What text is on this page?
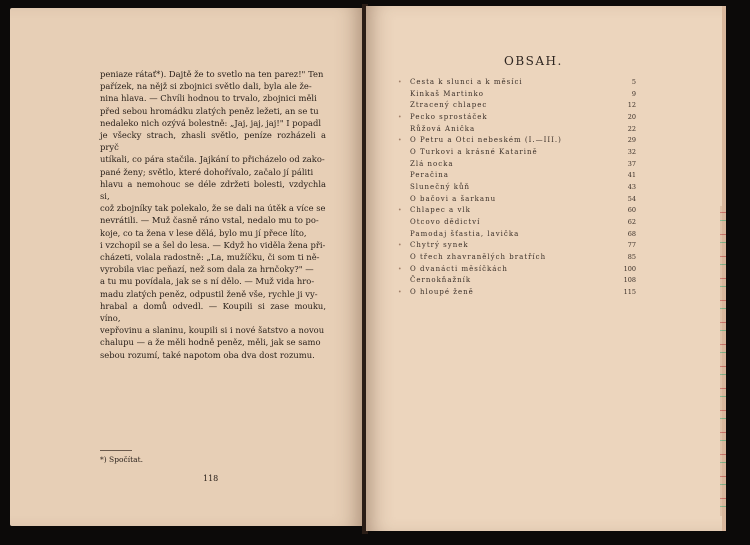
peniaze rátať*). Dajtě že to svetlo na ten parez!" Ten

pařízek, na nějž si zbojnici světlo dali, byla ale že-

nina hlava. — Chvíli hodnou to trvalo, zbojnici měli

před sebou hromádku zlatých peněz ležeti, an se tu

nedaleko nich ozývá bolestně: „Jaj, jaj, jaj!" I popadl

je všecky strach, zhasli světlo, peníze rozházeli a pryč

utíkali, co pára stačila. Jajkání to přicházelo od zako-

pané ženy; světlo, které dohořívalo, začalo jí páliti

hlavu a nemohouc se déle zdržeti bolesti, vzdychla si,

což zbojníky tak polekalo, že se dali na útěk a více se

nevrátili. — Muž časně ráno vstal, nedalo mu to po-

koje, co ta žena v lese dělá, bylo mu jí přece líto,

i vzchopil se a šel do lesa. — Když ho viděla žena při-

cházeti, volala radostně: „La, mužíčku, či som ti ně-

vyrobila viac peňazí, než som dala za hrnčoky?" —

a tu mu povídala, jak se s ní dělo. — Muž vida hro-

madu zlatých peněz, odpustil ženě vše, rychle ji vy-

hrabal a domů odvedl. — Koupili si zase mouku, víno,

vepřovinu a slaninu, koupili si i nové šatstvo a novou

chalupu — a že měli hodně peněz, měli, jak se samo

sebou rozumí, také napotom oba dva dost rozumu.

*) Spočítat.
118
OBSAH.
• Cesta k slunci a k měsíci	5
Kinkaš Martinko	9
Ztracený chlapec	12
• Pecko sprostáček	20
Růžová Anička	22
• O Petru a Otci nebeském (I.—III.)	29
O Turkovi a krásné Katarině	32
Zlá nocka	37
Peračina	41
Slunečný kůň	43
O bačovi a šarkanu	54
• Chlapec a vlk	60
Otcovo dědictví	62
Pamodaj šťastia, lavička	68
• Chytrý synek	77
O třech zhavranělých bratřích	85
• O dvanácti měsíčkách	100
Černokňažník	108
• O hloupé ženě	115
